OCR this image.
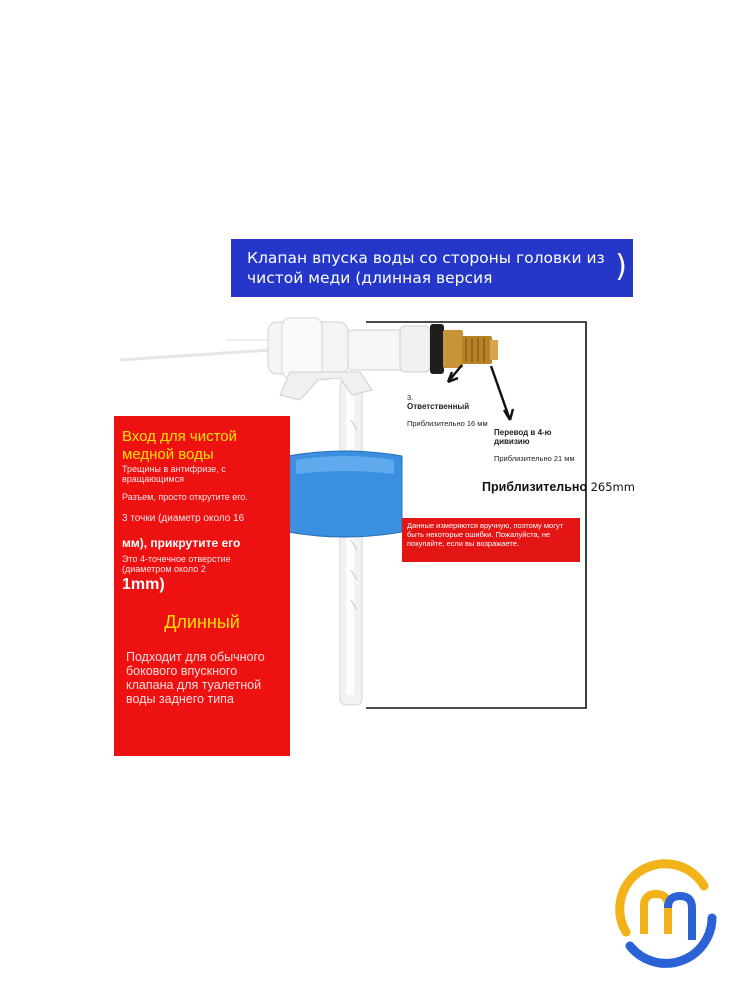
Клапан впуска воды со стороны головки из
чистой меди (длинная версия	)
3.
Ответственный
Приблизительно 16 мм
Перевод в 4-ю дивизию
Приблизительно 21 мм
Приблизительно 265mm
Данные измеряются вручную, поэтому могут быть некоторые ошибки. Пожалуйста, не покупайте, если вы возражаете.
Вход для чистой
медной воды
Трещины в антифризе, с вращающимся
Разъем, просто открутите его.
3 точки (диаметр около 16
мм), прикрутите его
Это 4-точечное отверстие (диаметром около 2
1mm)
Длинный
Подходит для обычного бокового впускного клапана для туалетной воды заднего типа
